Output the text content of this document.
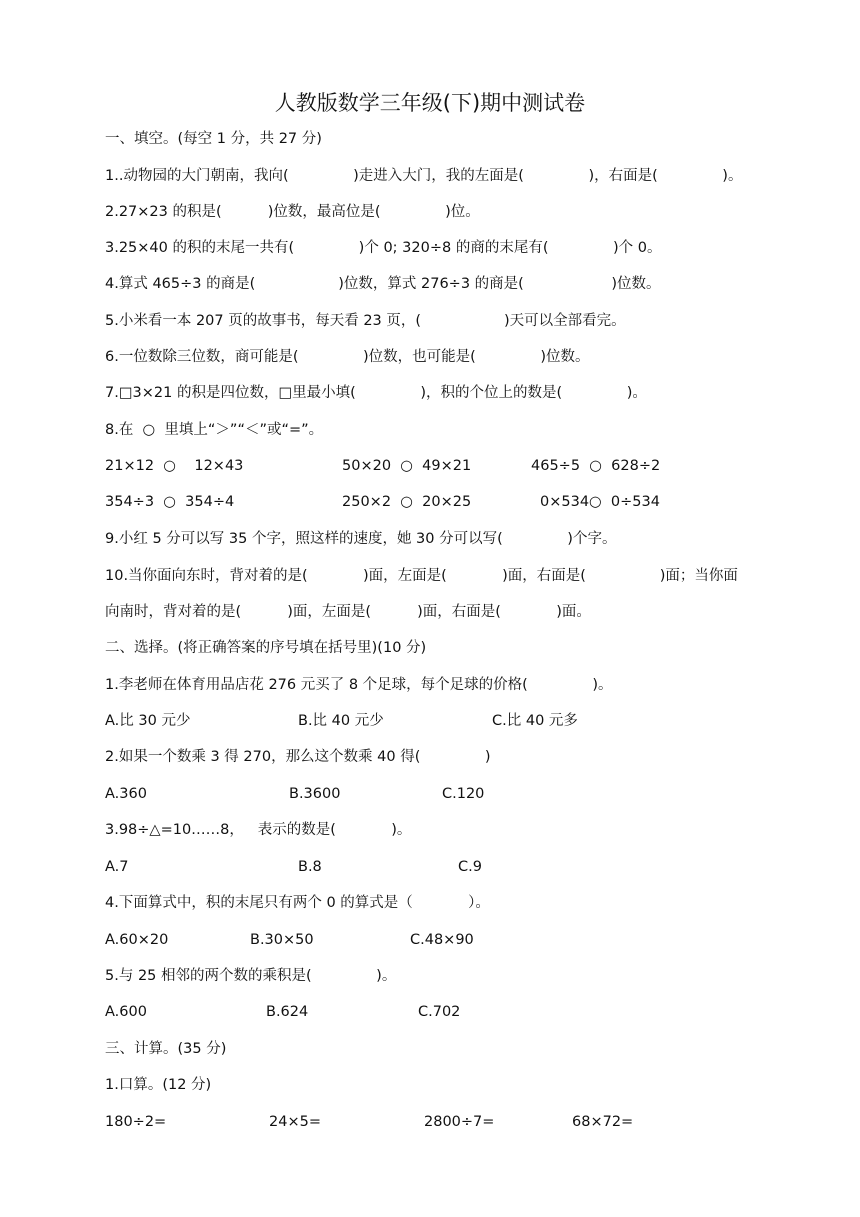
人教版数学三年级(下)期中测试卷
一、填空。(每空 1 分，共 27 分)
1..动物园的大门朝南，我向(              )走进入大门，我的左面是(              )，右面是(              )。
2.27×23 的积是(          )位数，最高位是(              )位。
3.25×40 的积的末尾一共有(              )个 0; 320÷8 的商的末尾有(              )个 0。
4.算式 465÷3 的商是(                  )位数，算式 276÷3 的商是(                   )位数。
5.小米看一本 207 页的故事书，每天看 23 页，(                  )天可以全部看完。
6.一位数除三位数，商可能是(              )位数，也可能是(              )位数。
7.□3×21 的积是四位数，□里最小填(              )，积的个位上的数是(              )。
8.在  ○  里填上“＞”“＜”或“=”。
21×12  ○    12×43	50×20  ○  49×21	465÷5  ○  628÷2
354÷3  ○  354÷4	250×2  ○  20×25	0×534○  0÷534
9.小红 5 分可以写 35 个字，照这样的速度，她 30 分可以写(              )个字。
10.当你面向东时，背对着的是(            )面，左面是(            )面，右面是(                )面；当你面
向南时，背对着的是(          )面，左面是(          )面，右面是(            )面。
二、选择。(将正确答案的序号填在括号里)(10 分)
1.李老师在体育用品店花 276 元买了 8 个足球，每个足球的价格(              )。
A.比 30 元少	B.比 40 元少	C.比 40 元多
2.如果一个数乘 3 得 270，那么这个数乘 40 得(              )
A.360	B.3600	C.120
3.98÷△=10……8，   表示的数是(            )。
A.7	B.8	C.9
4.下面算式中，积的末尾只有两个 0 的算式是（            ）。
A.60×20	B.30×50	C.48×90
5.与 25 相邻的两个数的乘积是(              )。
A.600	B.624	C.702
三、计算。(35 分)
1.口算。(12 分)
180÷2=	24×5=	2800÷7=	68×72=
